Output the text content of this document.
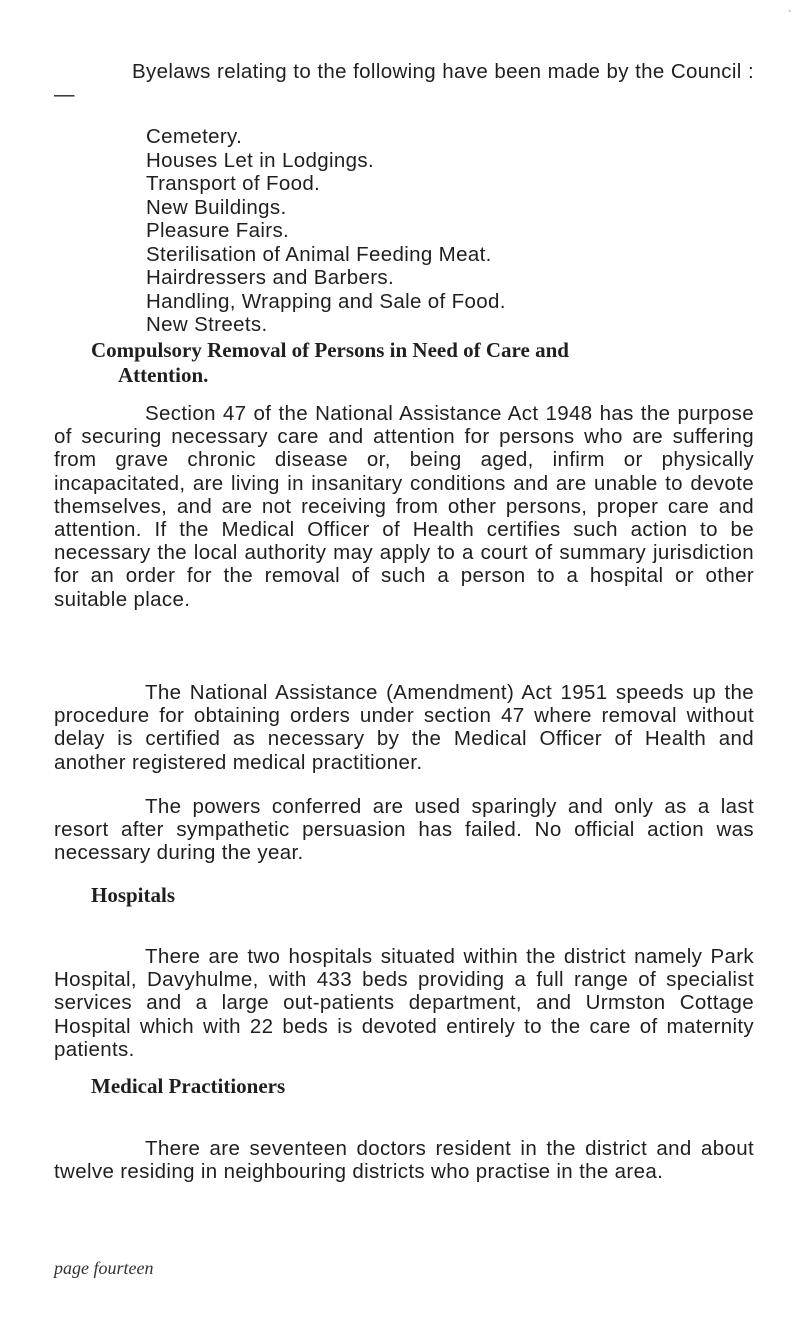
◦

Byelaws relating to the following have been made by the Council :—

Cemetery.
Houses Let in Lodgings.
Transport of Food.
New Buildings.
Pleasure Fairs.
Sterilisation of Animal Feeding Meat.
Hairdressers and Barbers.
Handling, Wrapping and Sale of Food.
New Streets.
Compulsory Removal of Persons in Need of Care and
Attention.

Section 47 of the National Assistance Act 1948 has the purpose of securing necessary care and attention for persons who are suffering from grave chronic disease or, being aged, infirm or physically incapacitated, are living in insanitary conditions and are unable to devote themselves, and are not receiving from other persons, proper care and attention. If the Medical Officer of Health certifies such action to be necessary the local authority may apply to a court of summary jurisdiction for an order for the removal of such a person to a hospital or other suitable place.

The National Assistance (Amendment) Act 1951 speeds up the procedure for obtaining orders under section 47 where removal without delay is certified as necessary by the Medical Officer of Health and another registered medical practitioner.

The powers conferred are used sparingly and only as a last resort after sympathetic persuasion has failed. No official action was necessary during the year.

Hospitals

There are two hospitals situated within the district namely Park Hospital, Davyhulme, with 433 beds providing a full range of specialist services and a large out-patients department, and Urmston Cottage Hospital which with 22 beds is devoted entirely to the care of maternity patients.

Medical Practitioners

There are seventeen doctors resident in the district and about twelve residing in neighbouring districts who practise in the area.

page fourteen
